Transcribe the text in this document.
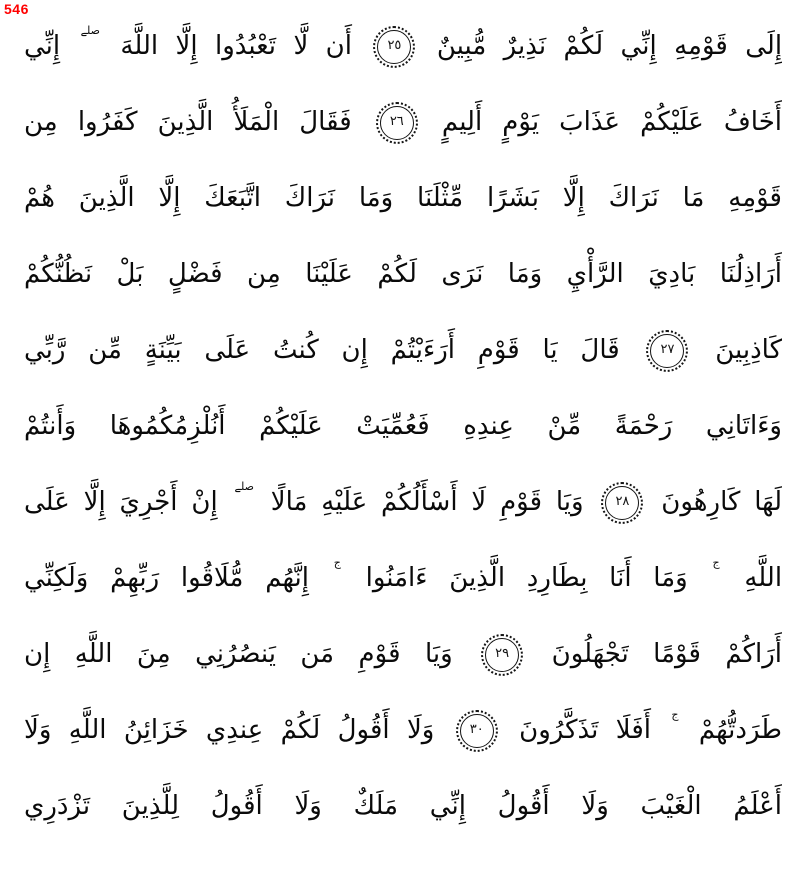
546
إِلَى قَوْمِهِ إِنِّي لَكُمْ نَذِيرٌ مُّبِينٌ
٢٥
أَن لَّا تَعْبُدُوا إِلَّا اللَّهَ $^{صلے}$ إِنِّي
أَخَافُ عَلَيْكُمْ عَذَابَ يَوْمٍ أَلِيمٍ
٢٦
فَقَالَ الْمَلَأُ الَّذِينَ كَفَرُوا مِن
قَوْمِهِ مَا نَرَاكَ إِلَّا بَشَرًا مِّثْلَنَا وَمَا نَرَاكَ اتَّبَعَكَ إِلَّا الَّذِينَ هُمْ
أَرَاذِلُنَا بَادِيَ الرَّأْيِ وَمَا نَرَى لَكُمْ عَلَيْنَا مِن فَضْلٍ بَلْ نَظُنُّكُمْ
كَاذِبِينَ
٢٧
قَالَ يَا قَوْمِ أَرَءَيْتُمْ إِن كُنتُ عَلَى بَيِّنَةٍ مِّن رَّبِّي
وَءَاتَانِي رَحْمَةً مِّنْ عِندِهِ فَعُمِّيَتْ عَلَيْكُمْ أَنُلْزِمُكُمُوهَا وَأَنتُمْ
لَهَا كَارِهُونَ
٢٨
وَيَا قَوْمِ لَا أَسْأَلُكُمْ عَلَيْهِ مَالًا $^{صلے}$ إِنْ أَجْرِيَ إِلَّا عَلَى
اللَّهِ $^ج$ وَمَا أَنَا بِطَارِدِ الَّذِينَ ءَامَنُوا $^ج$ إِنَّهُم مُّلَاقُوا رَبِّهِمْ وَلَكِنِّي
أَرَاكُمْ قَوْمًا تَجْهَلُونَ
٢٩
وَيَا قَوْمِ مَن يَنصُرُنِي مِنَ اللَّهِ إِن
طَرَدتُّهُمْ $^ج$ أَفَلَا تَذَكَّرُونَ
٣٠
وَلَا أَقُولُ لَكُمْ عِندِي خَزَائِنُ اللَّهِ وَلَا
أَعْلَمُ الْغَيْبَ وَلَا أَقُولُ إِنِّي مَلَكٌ وَلَا أَقُولُ لِلَّذِينَ تَزْدَرِي
